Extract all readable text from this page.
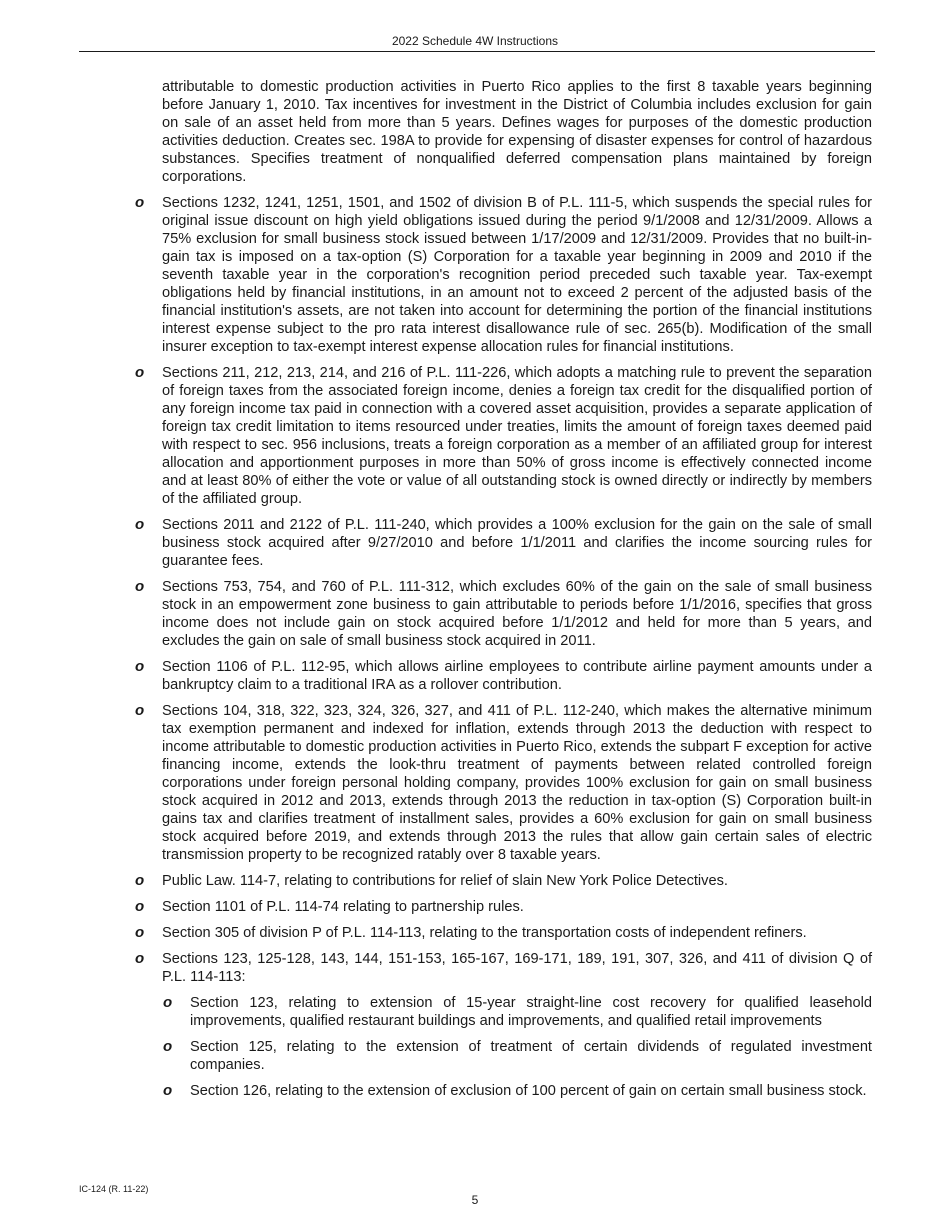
2022 Schedule 4W Instructions

attributable to domestic production activities in Puerto Rico applies to the first 8 taxable years beginning before January 1, 2010. Tax incentives for investment in the District of Columbia includes exclusion for gain on sale of an asset held from more than 5 years. Defines wages for purposes of the domestic production activities deduction. Creates sec. 198A to provide for expensing of disaster expenses for control of hazardous substances. Specifies treatment of nonqualified deferred compensation plans maintained by foreign corporations.

o Sections 1232, 1241, 1251, 1501, and 1502 of division B of P.L. 111-5, which suspends the special rules for original issue discount on high yield obligations issued during the period 9/1/2008 and 12/31/2009. Allows a 75% exclusion for small business stock issued between 1/17/2009 and 12/31/2009. Provides that no built-in-gain tax is imposed on a tax-option (S) Corporation for a taxable year beginning in 2009 and 2010 if the seventh taxable year in the corporation's recognition period preceded such taxable year. Tax-exempt obligations held by financial institutions, in an amount not to exceed 2 percent of the adjusted basis of the financial institution's assets, are not taken into account for determining the portion of the financial institutions interest expense subject to the pro rata interest disallowance rule of sec. 265(b). Modification of the small insurer exception to tax-exempt interest expense allocation rules for financial institutions.

o Sections 211, 212, 213, 214, and 216 of P.L. 111-226, which adopts a matching rule to prevent the separation of foreign taxes from the associated foreign income, denies a foreign tax credit for the disqualified portion of any foreign income tax paid in connection with a covered asset acquisition, provides a separate application of foreign tax credit limitation to items resourced under treaties, limits the amount of foreign taxes deemed paid with respect to sec. 956 inclusions, treats a foreign corporation as a member of an affiliated group for interest allocation and apportionment purposes in more than 50% of gross income is effectively connected income and at least 80% of either the vote or value of all outstanding stock is owned directly or indirectly by members of the affiliated group.

o Sections 2011 and 2122 of P.L. 111-240, which provides a 100% exclusion for the gain on the sale of small business stock acquired after 9/27/2010 and before 1/1/2011 and clarifies the income sourcing rules for guarantee fees.

o Sections 753, 754, and 760 of P.L. 111-312, which excludes 60% of the gain on the sale of small business stock in an empowerment zone business to gain attributable to periods before 1/1/2016, specifies that gross income does not include gain on stock acquired before 1/1/2012 and held for more than 5 years, and excludes the gain on sale of small business stock acquired in 2011.

o Section 1106 of P.L. 112-95, which allows airline employees to contribute airline payment amounts under a bankruptcy claim to a traditional IRA as a rollover contribution.

o Sections 104, 318, 322, 323, 324, 326, 327, and 411 of P.L. 112-240, which makes the alternative minimum tax exemption permanent and indexed for inflation, extends through 2013 the deduction with respect to income attributable to domestic production activities in Puerto Rico, extends the subpart F exception for active financing income, extends the look-thru treatment of payments between related controlled foreign corporations under foreign personal holding company, provides 100% exclusion for gain on small business stock acquired in 2012 and 2013, extends through 2013 the reduction in tax-option (S) Corporation built-in gains tax and clarifies treatment of installment sales, provides a 60% exclusion for gain on small business stock acquired before 2019, and extends through 2013 the rules that allow gain certain sales of electric transmission property to be recognized ratably over 8 taxable years.

o Public Law. 114-7, relating to contributions for relief of slain New York Police Detectives.

o Section 1101 of P.L. 114-74 relating to partnership rules.

o Section 305 of division P of P.L. 114-113, relating to the transportation costs of independent refiners.

o Sections 123, 125-128, 143, 144, 151-153, 165-167, 169-171, 189, 191, 307, 326, and 411 of division Q of P.L. 114-113:

o Section 123, relating to extension of 15-year straight-line cost recovery for qualified leasehold improvements, qualified restaurant buildings and improvements, and qualified retail improvements

o Section 125, relating to the extension of treatment of certain dividends of regulated investment companies.

o Section 126, relating to the extension of exclusion of 100 percent of gain on certain small business stock.

IC-124 (R. 11-22)
5
